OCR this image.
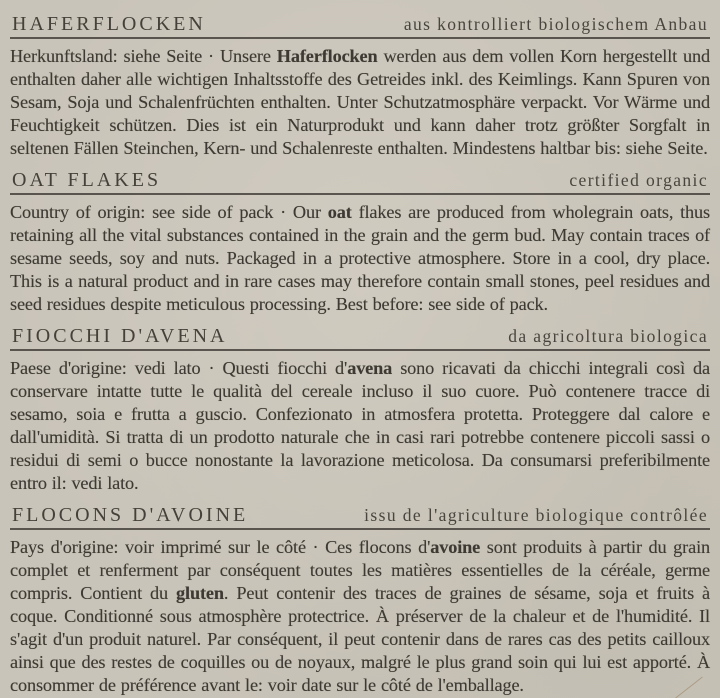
HAFERFLOCKEN	aus kontrolliert biologischem Anbau

Herkunftsland: siehe Seite · Unsere Haferflocken werden aus dem vollen Korn hergestellt und enthalten daher alle wichtigen Inhaltsstoffe des Getreides inkl. des Keimlings. Kann Spuren von Sesam, Soja und Schalenfrüchten enthalten. Unter Schutzatmosphäre verpackt. Vor Wärme und Feuchtigkeit schützen. Dies ist ein Naturprodukt und kann daher trotz größter Sorgfalt in seltenen Fällen Steinchen, Kern- und Schalenreste enthalten. Mindestens haltbar bis: siehe Seite.

OAT FLAKES	certified organic

Country of origin: see side of pack · Our oat flakes are produced from wholegrain oats, thus retaining all the vital substances contained in the grain and the germ bud. May contain traces of sesame seeds, soy and nuts. Packaged in a protective atmosphere. Store in a cool, dry place. This is a natural product and in rare cases may therefore contain small stones, peel residues and seed residues despite meticulous processing. Best before: see side of pack.

FIOCCHI D'AVENA	da agricoltura biologica

Paese d'origine: vedi lato · Questi fiocchi d'avena sono ricavati da chicchi integrali così da conservare intatte tutte le qualità del cereale incluso il suo cuore. Può contenere tracce di sesamo, soia e frutta a guscio. Confezionato in atmosfera protetta. Proteggere dal calore e dall'umidità. Si tratta di un prodotto naturale che in casi rari potrebbe contenere piccoli sassi o residui di semi o bucce nonostante la lavorazione meticolosa. Da consumarsi preferibilmente entro il: vedi lato.

FLOCONS D'AVOINE	issu de l'agriculture biologique contrôlée

Pays d'origine: voir imprimé sur le côté · Ces flocons d'avoine sont produits à partir du grain complet et renferment par conséquent toutes les matières essentielles de la céréale, germe compris. Contient du gluten. Peut contenir des traces de graines de sésame, soja et fruits à coque. Conditionné sous atmosphère protectrice. À préserver de la chaleur et de l'humidité. Il s'agit d'un produit naturel. Par conséquent, il peut contenir dans de rares cas des petits cailloux ainsi que des restes de coquilles ou de noyaux, malgré le plus grand soin qui lui est apporté. À consommer de préférence avant le: voir date sur le côté de l'emballage.
